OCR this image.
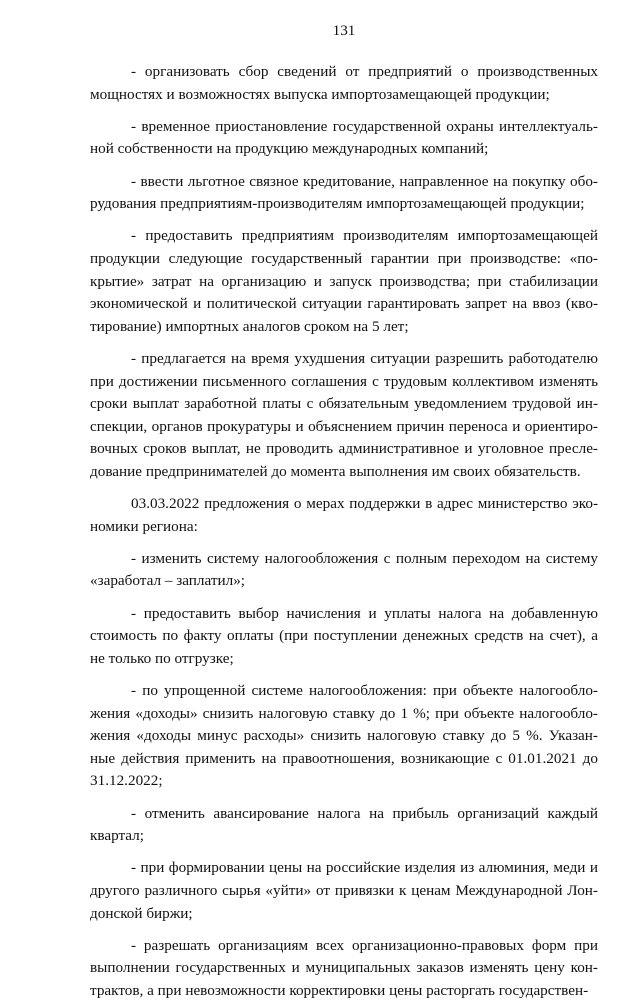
131
- организовать сбор сведений от предприятий о производственных
мощностях и возможностях выпуска импортозамещающей продукции;
- временное приостановление государственной охраны интеллектуаль-
ной собственности на продукцию международных компаний;
- ввести льготное связное кредитование, направленное на покупку обо-
рудования предприятиям-производителям импортозамещающей продукции;
- предоставить предприятиям производителям импортозамещающей
продукции следующие государственный гарантии при производстве: «по-
крытие» затрат на организацию и запуск производства; при стабилизации
экономической и политической ситуации гарантировать запрет на ввоз (кво-
тирование) импортных аналогов сроком на 5 лет;
- предлагается на время ухудшения ситуации разрешить работодателю
при достижении письменного соглашения с трудовым коллективом изменять
сроки выплат заработной платы с обязательным уведомлением трудовой ин-
спекции, органов прокуратуры и объяснением причин переноса и ориентиро-
вочных сроков выплат, не проводить административное и уголовное пресле-
дование предпринимателей до момента выполнения им своих обязательств.
03.03.2022 предложения о мерах поддержки в адрес министерство эко-
номики региона:
- изменить систему налогообложения с полным переходом на систему
«заработал – заплатил»;
- предоставить выбор начисления и уплаты налога на добавленную
стоимость по факту оплаты (при поступлении денежных средств на счет), а
не только по отгрузке;
- по упрощенной системе налогообложения: при объекте налогообло-
жения «доходы» снизить налоговую ставку до 1 %; при объекте налогообло-
жения «доходы минус расходы» снизить налоговую ставку до 5 %. Указан-
ные действия применить на правоотношения, возникающие с 01.01.2021 до
31.12.2022;
- отменить авансирование налога на прибыль организаций каждый
квартал;
- при формировании цены на российские изделия из алюминия, меди и
другого различного сырья «уйти» от привязки к ценам Международной Лон-
донской биржи;
- разрешать организациям всех организационно-правовых форм при
выполнении государственных и муниципальных заказов изменять цену кон-
трактов, а при невозможности корректировки цены расторгать государствен-
